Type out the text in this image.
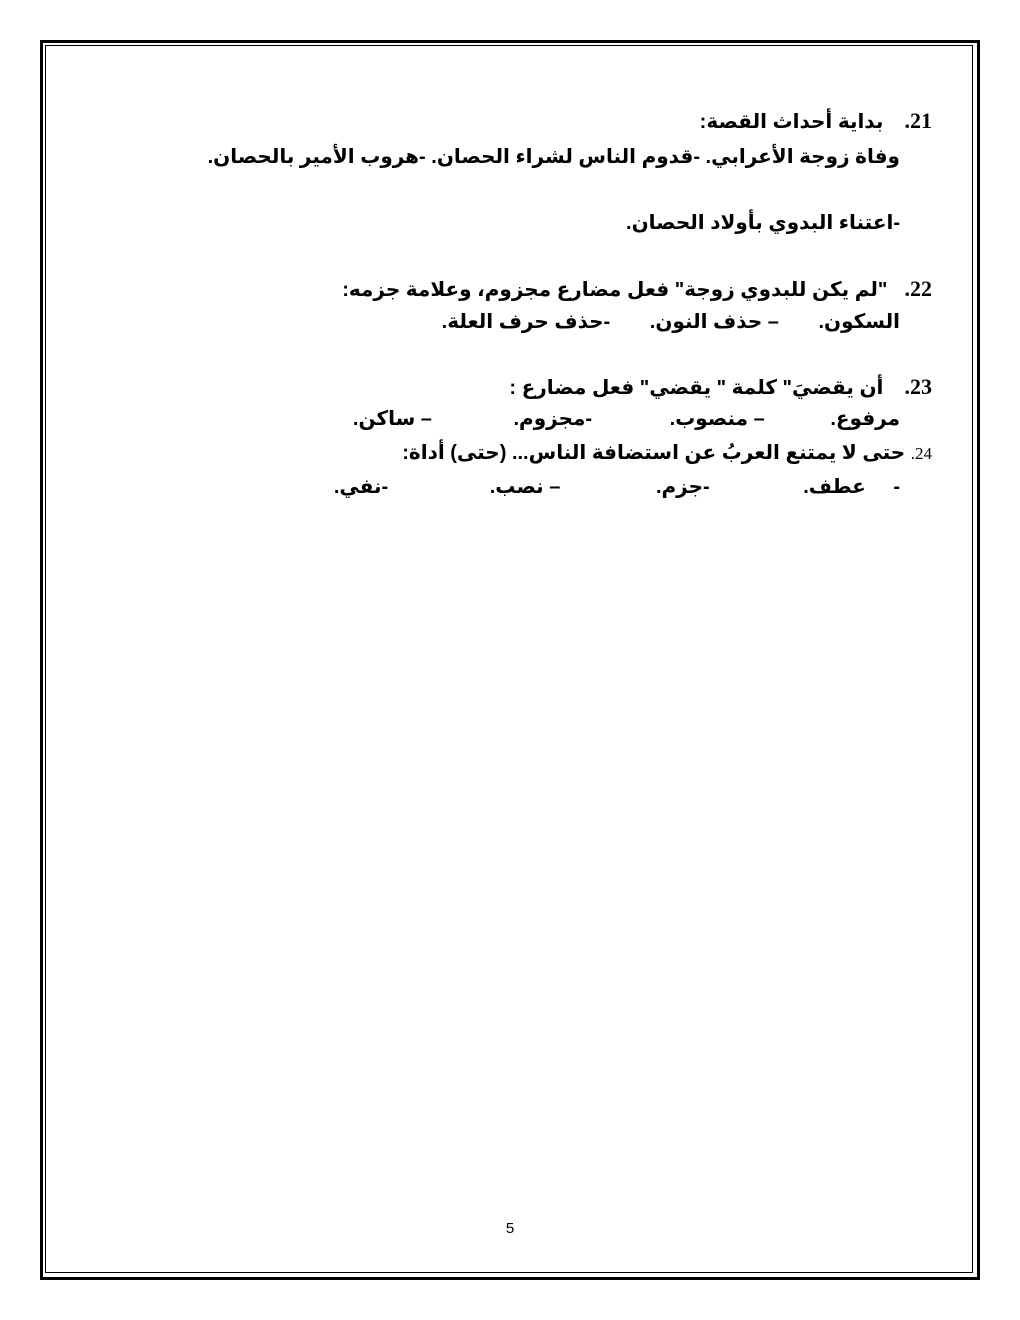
21.  بداية أحداث القصة:
وفاة زوجة الأعرابي. -قدوم الناس لشراء الحصان. -هروب الأمير بالحصان.
-اعتناء البدوي بأولاد الحصان.
22.  "لم يكن للبدوي زوجة" فعل مضارع مجزوم، وعلامة جزمه:
السكون. – حذف النون. -حذف حرف العلة.
23.  أن يقضيَ" كلمة " يقضي" فعل مضارع :
مرفوع. – منصوب. -مجزوم. – ساكن.
24. حتى لا يمتنع العربُ عن استضافة الناس... (حتى) أداة:
- عطف. -جزم. – نصب. -نفي.
5
